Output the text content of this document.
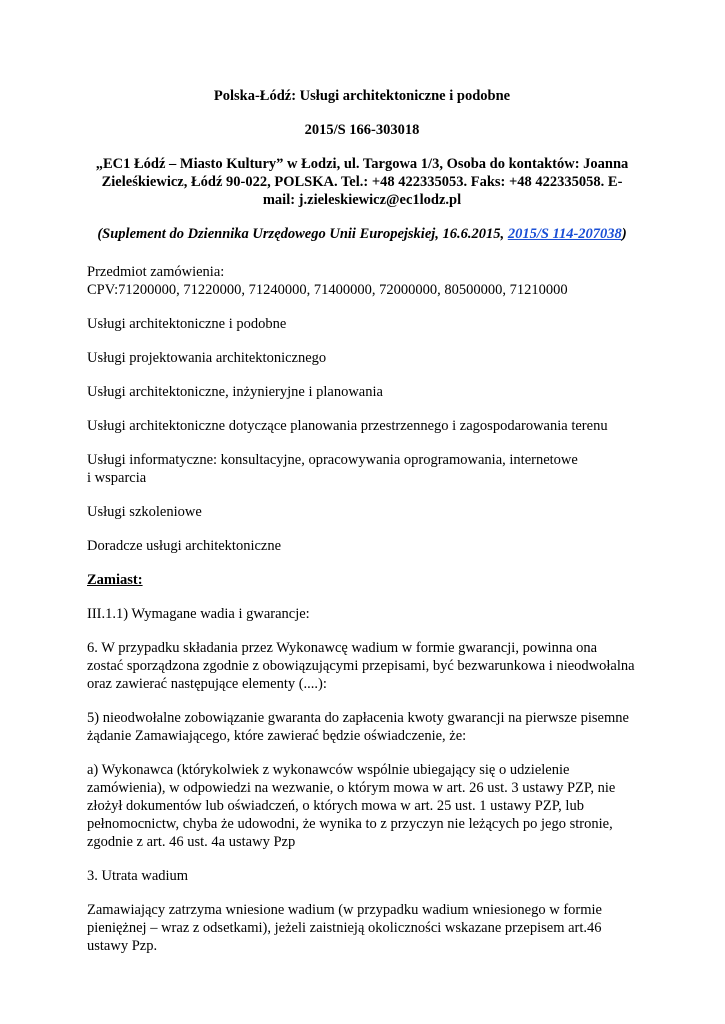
Polska-Łódź: Usługi architektoniczne i podobne

2015/S 166-303018

„EC1 Łódź – Miasto Kultury” w Łodzi, ul. Targowa 1/3, Osoba do kontaktów: Joanna
Zieleśkiewicz, Łódź 90-022, POLSKA. Tel.: +48 422335053. Faks: +48 422335058. E-
mail: j.zieleskiewicz@ec1lodz.pl

(Suplement do Dziennika Urzędowego Unii Europejskiej, 16.6.2015, 2015/S 114-207038)

Przedmiot zamówienia:
CPV:71200000, 71220000, 71240000, 71400000, 72000000, 80500000, 71210000

Usługi architektoniczne i podobne

Usługi projektowania architektonicznego

Usługi architektoniczne, inżynieryjne i planowania

Usługi architektoniczne dotyczące planowania przestrzennego i zagospodarowania terenu

Usługi informatyczne: konsultacyjne, opracowywania oprogramowania, internetowe
i wsparcia

Usługi szkoleniowe

Doradcze usługi architektoniczne

Zamiast:

III.1.1) Wymagane wadia i gwarancje:

6. W przypadku składania przez Wykonawcę wadium w formie gwarancji, powinna ona
zostać sporządzona zgodnie z obowiązującymi przepisami, być bezwarunkowa i nieodwołalna
oraz zawierać następujące elementy (....):

5) nieodwołalne zobowiązanie gwaranta do zapłacenia kwoty gwarancji na pierwsze pisemne
żądanie Zamawiającego, które zawierać będzie oświadczenie, że:

a) Wykonawca (którykolwiek z wykonawców wspólnie ubiegający się o udzielenie
zamówienia), w odpowiedzi na wezwanie, o którym mowa w art. 26 ust. 3 ustawy PZP, nie
złożył dokumentów lub oświadczeń, o których mowa w art. 25 ust. 1 ustawy PZP, lub
pełnomocnictw, chyba że udowodni, że wynika to z przyczyn nie leżących po jego stronie,
zgodnie z art. 46 ust. 4a ustawy Pzp

3. Utrata wadium

Zamawiający zatrzyma wniesione wadium (w przypadku wadium wniesionego w formie
pieniężnej – wraz z odsetkami), jeżeli zaistnieją okoliczności wskazane przepisem art.46
ustawy Pzp.
